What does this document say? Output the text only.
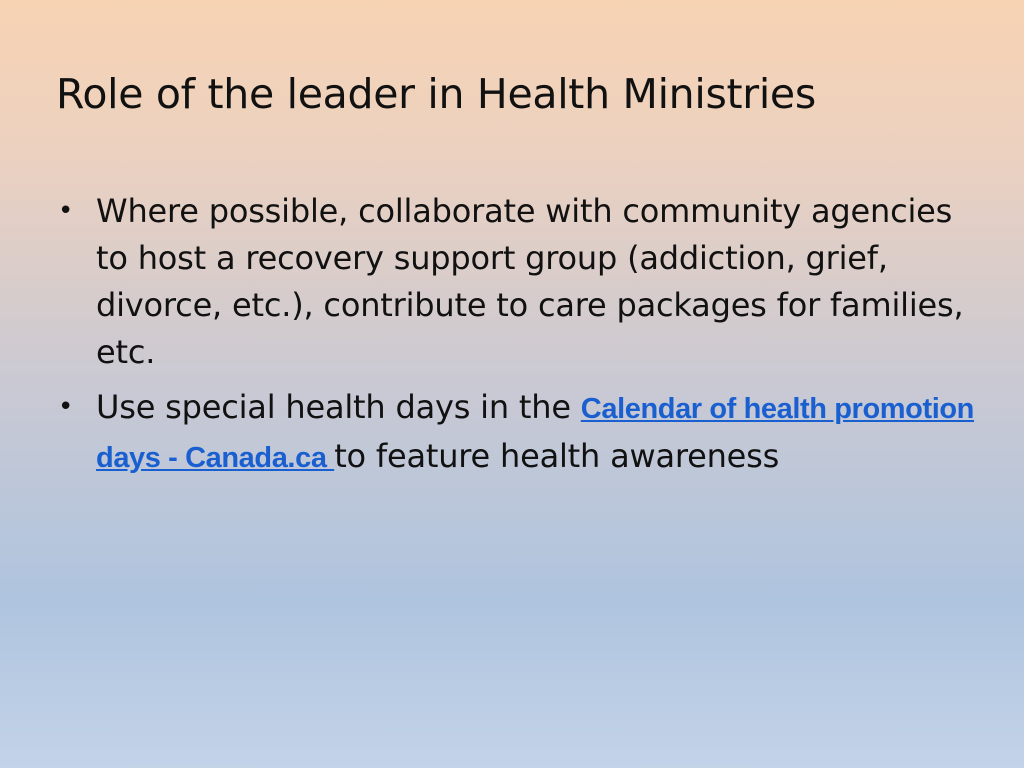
Role of the leader in Health Ministries
• Where possible, collaborate with community agencies to host a recovery support group (addiction, grief, divorce, etc.), contribute to care packages for families, etc.
• Use special health days in the Calendar of health promotion days - Canada.ca to feature health awareness
